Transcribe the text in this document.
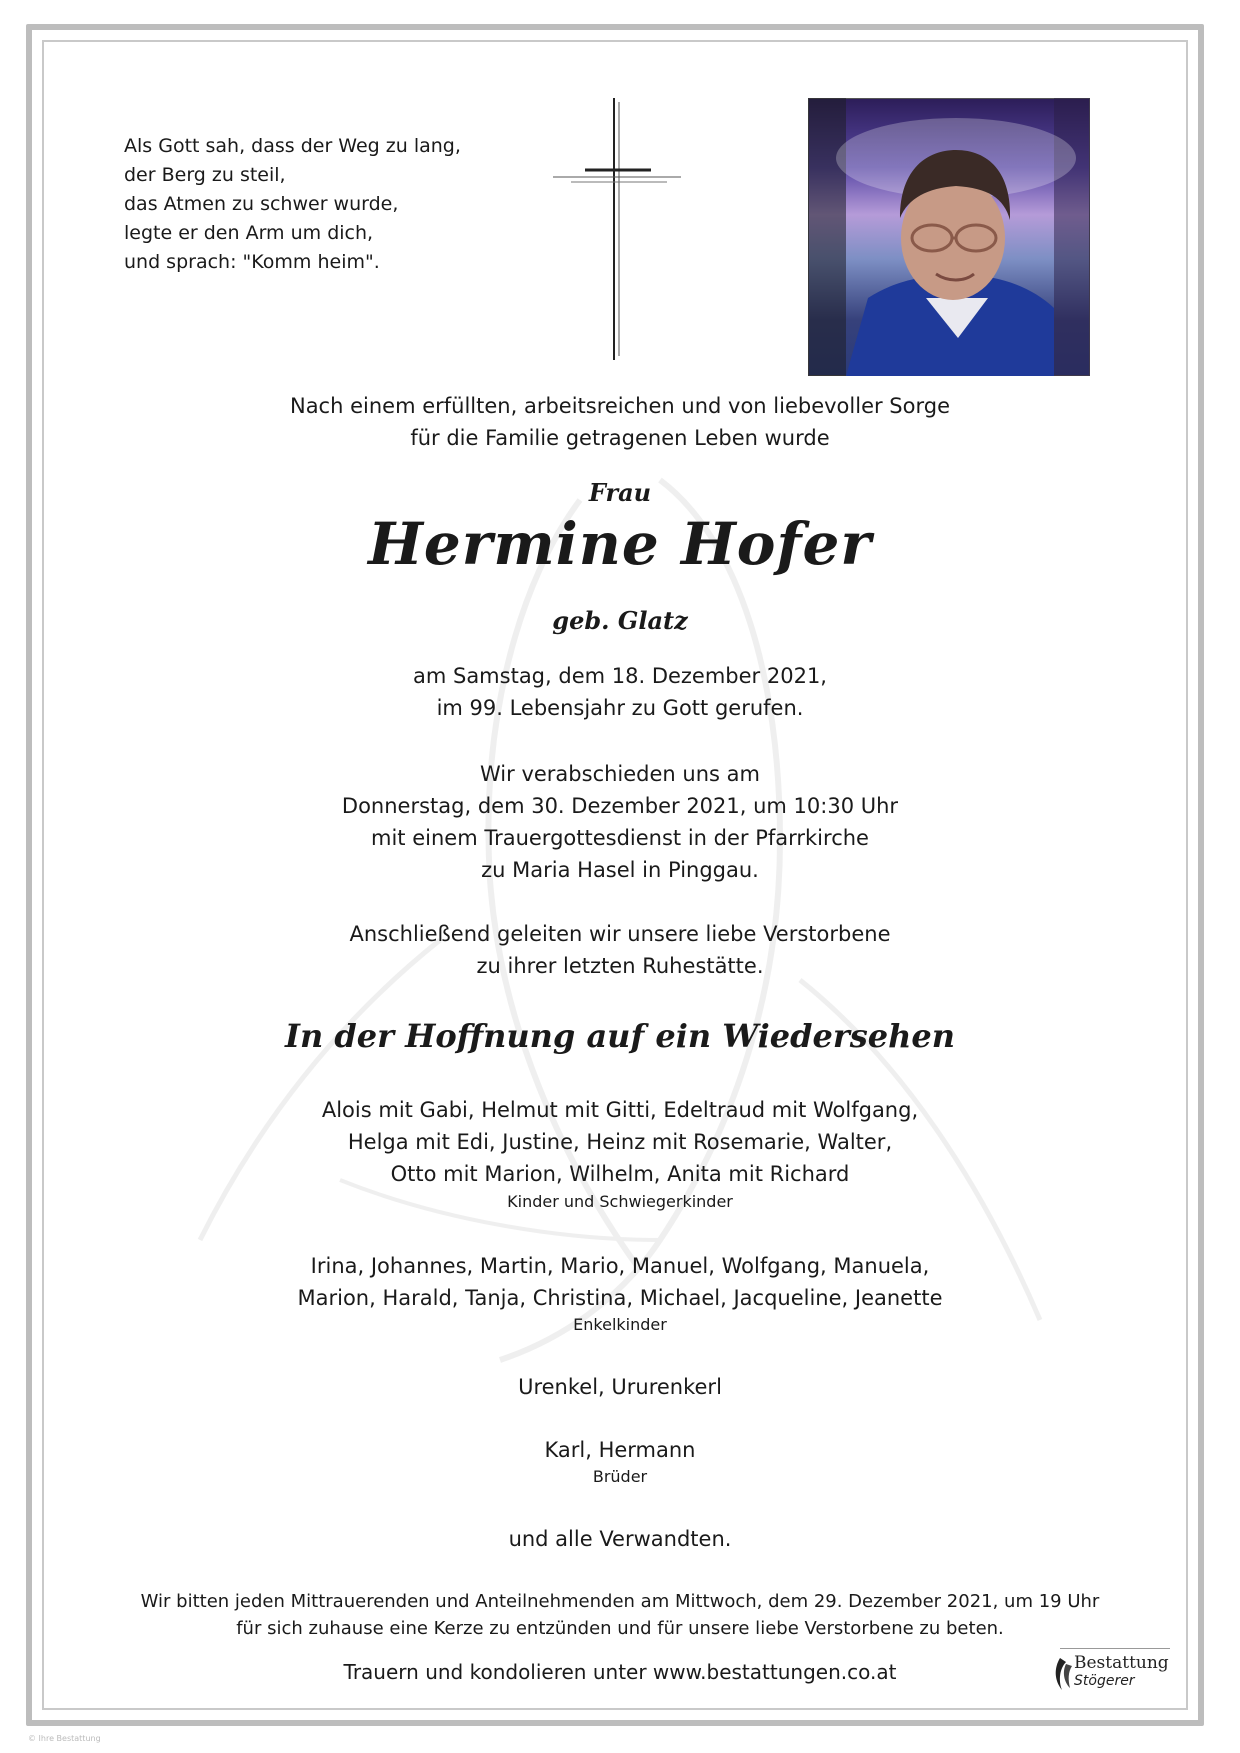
Als Gott sah, dass der Weg zu lang,
der Berg zu steil,
das Atmen zu schwer wurde,
legte er den Arm um dich,
und sprach: "Komm heim".
Nach einem erfüllten, arbeitsreichen und von liebevoller Sorge
für die Familie getragenen Leben wurde
Frau
Hermine Hofer
geb. Glatz
am Samstag, dem 18. Dezember 2021,
im 99. Lebensjahr zu Gott gerufen.
Wir verabschieden uns am
Donnerstag, dem 30. Dezember 2021, um 10:30 Uhr
mit einem Trauergottesdienst in der Pfarrkirche
zu Maria Hasel in Pinggau.
Anschließend geleiten wir unsere liebe Verstorbene
zu ihrer letzten Ruhestätte.
In der Hoffnung auf ein Wiedersehen
Alois mit Gabi, Helmut mit Gitti, Edeltraud mit Wolfgang,
Helga mit Edi, Justine, Heinz mit Rosemarie, Walter,
Otto mit Marion, Wilhelm, Anita mit Richard
Kinder und Schwiegerkinder
Irina, Johannes, Martin, Mario, Manuel, Wolfgang, Manuela,
Marion, Harald, Tanja, Christina, Michael, Jacqueline, Jeanette
Enkelkinder
Urenkel, Ururenkerl
Karl, Hermann
Brüder
und alle Verwandten.
Wir bitten jeden Mittrauerenden und Anteilnehmenden am Mittwoch, dem 29. Dezember 2021, um 19 Uhr
für sich zuhause eine Kerze zu entzünden und für unsere liebe Verstorbene zu beten.
Trauern und kondolieren unter www.bestattungen.co.at	Bestattung
Stögerer
© Ihre Bestattung
